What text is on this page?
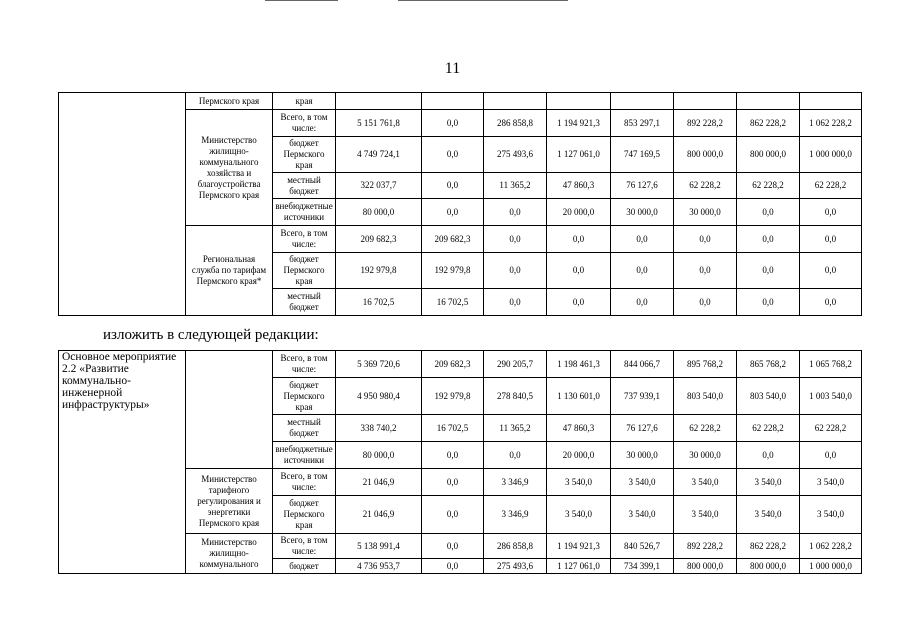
11
	Пермского края	края								
	Министерство жилищно-коммунального хозяйства и благоустройства Пермского края	Всего, в том числе:	5 151 761,8	0,0	286 858,8	1 194 921,3	853 297,1	892 228,2	862 228,2	1 062 228,2
		бюджет Пермского края	4 749 724,1	0,0	275 493,6	1 127 061,0	747 169,5	800 000,0	800 000,0	1 000 000,0
		местный бюджет	322 037,7	0,0	11 365,2	47 860,3	76 127,6	62 228,2	62 228,2	62 228,2
		внебюджетные источники	80 000,0	0,0	0,0	20 000,0	30 000,0	30 000,0	0,0	0,0
	Региональная служба по тарифам Пермского края*	Всего, в том числе:	209 682,3	209 682,3	0,0	0,0	0,0	0,0	0,0	0,0
		бюджет Пермского края	192 979,8	192 979,8	0,0	0,0	0,0	0,0	0,0	0,0
		местный бюджет	16 702,5	16 702,5	0,0	0,0	0,0	0,0	0,0	0,0
изложить в следующей редакции:
Основное мероприятие 2.2 «Развитие коммунально-инженерной инфраструктуры»		Всего, в том числе:	5 369 720,6	209 682,3	290 205,7	1 198 461,3	844 066,7	895 768,2	865 768,2	1 065 768,2
		бюджет Пермского края	4 950 980,4	192 979,8	278 840,5	1 130 601,0	737 939,1	803 540,0	803 540,0	1 003 540,0
		местный бюджет	338 740,2	16 702,5	11 365,2	47 860,3	76 127,6	62 228,2	62 228,2	62 228,2
		внебюджетные источники	80 000,0	0,0	0,0	20 000,0	30 000,0	30 000,0	0,0	0,0
	Министерство тарифного регулирования и энергетики Пермского края	Всего, в том числе:	21 046,9	0,0	3 346,9	3 540,0	3 540,0	3 540,0	3 540,0	3 540,0
		бюджет Пермского края	21 046,9	0,0	3 346,9	3 540,0	3 540,0	3 540,0	3 540,0	3 540,0
	Министерство жилищно-коммунального	Всего, в том числе:	5 138 991,4	0,0	286 858,8	1 194 921,3	840 526,7	892 228,2	862 228,2	1 062 228,2
		бюджет	4 736 953,7	0,0	275 493,6	1 127 061,0	734 399,1	800 000,0	800 000,0	1 000 000,0
